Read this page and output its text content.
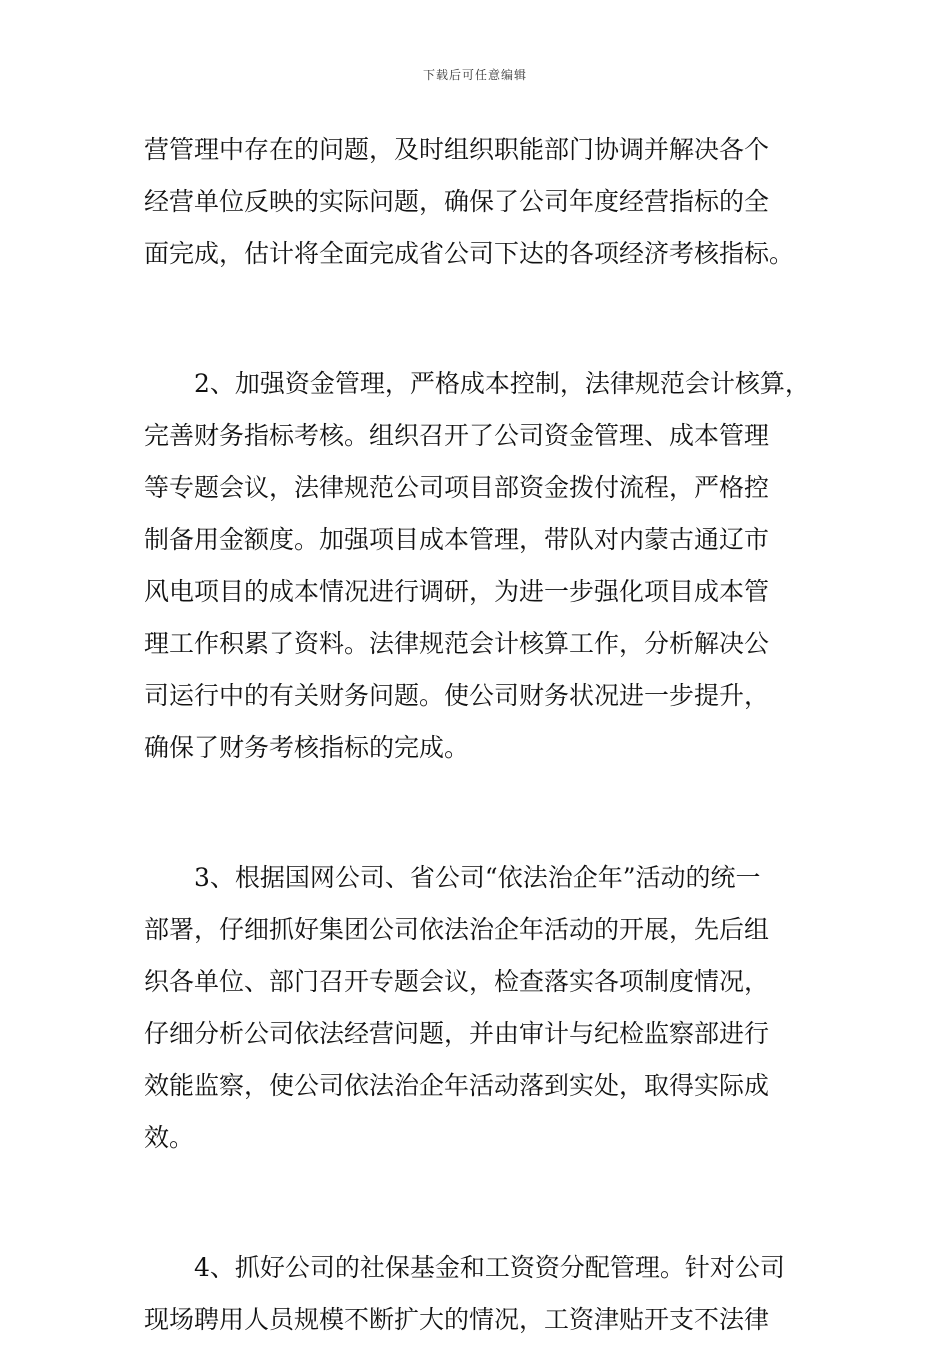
下载后可任意编辑
营管理中存在的问题，及时组织职能部门协调并解决各个
经营单位反映的实际问题，确保了公司年度经营指标的全
面完成，估计将全面完成省公司下达的各项经济考核指标。
2、加强资金管理，严格成本控制，法律规范会计核算，
完善财务指标考核。组织召开了公司资金管理、成本管理
等专题会议，法律规范公司项目部资金拨付流程，严格控
制备用金额度。加强项目成本管理，带队对内蒙古通辽市
风电项目的成本情况进行调研，为进一步强化项目成本管
理工作积累了资料。法律规范会计核算工作，分析解决公
司运行中的有关财务问题。使公司财务状况进一步提升，
确保了财务考核指标的完成。
3、根据国网公司、省公司“依法治企年”活动的统一
部署，仔细抓好集团公司依法治企年活动的开展，先后组
织各单位、部门召开专题会议，检查落实各项制度情况，
仔细分析公司依法经营问题，并由审计与纪检监察部进行
效能监察，使公司依法治企年活动落到实处，取得实际成
效。
4、抓好公司的社保基金和工资资分配管理。针对公司
现场聘用人员规模不断扩大的情况，工资津贴开支不法律
